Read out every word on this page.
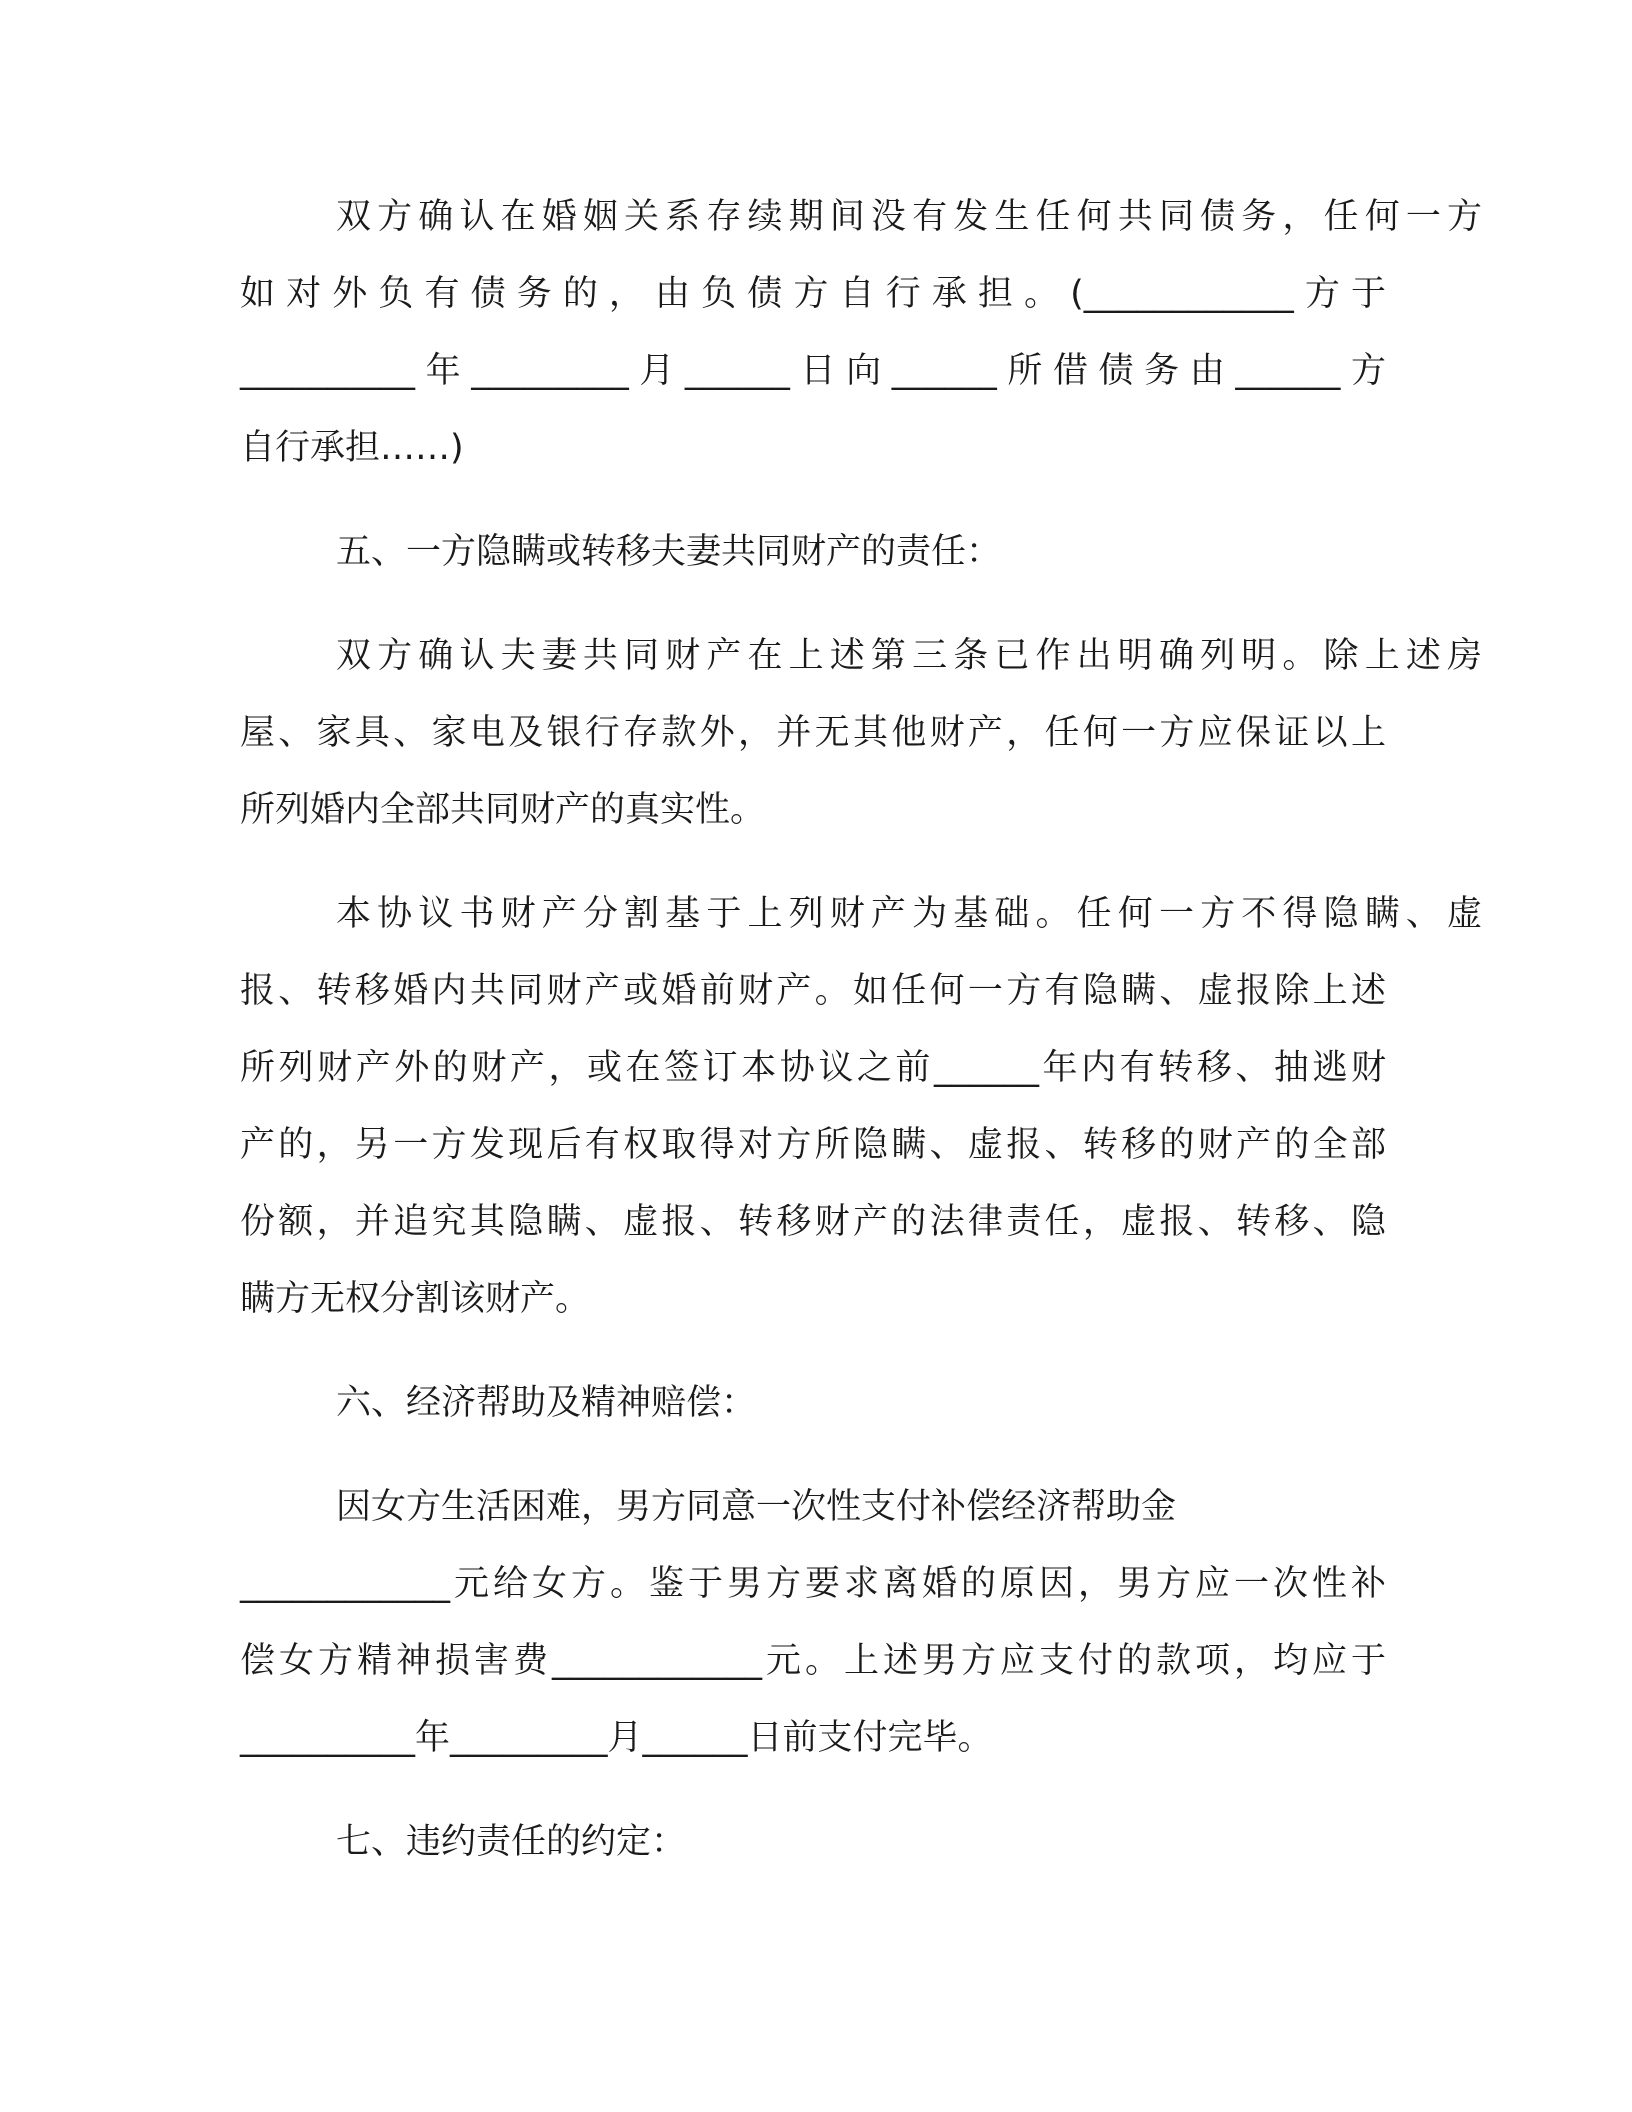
双方确认在婚姻关系存续期间没有发生任何共同债务，任何一方

如对外负有债务的，由负债方自行承担。(____________方于

__________年_________月______日向______所借债务由______方

自行承担……)

五、一方隐瞒或转移夫妻共同财产的责任：

双方确认夫妻共同财产在上述第三条已作出明确列明。除上述房

屋、家具、家电及银行存款外，并无其他财产，任何一方应保证以上

所列婚内全部共同财产的真实性。

本协议书财产分割基于上列财产为基础。任何一方不得隐瞒、虚

报、转移婚内共同财产或婚前财产。如任何一方有隐瞒、虚报除上述

所列财产外的财产，或在签订本协议之前______年内有转移、抽逃财

产的，另一方发现后有权取得对方所隐瞒、虚报、转移的财产的全部

份额，并追究其隐瞒、虚报、转移财产的法律责任，虚报、转移、隐

瞒方无权分割该财产。

六、经济帮助及精神赔偿：

因女方生活困难，男方同意一次性支付补偿经济帮助金

____________元给女方。鉴于男方要求离婚的原因，男方应一次性补

偿女方精神损害费____________元。上述男方应支付的款项，均应于

__________年_________月______日前支付完毕。

七、违约责任的约定：
